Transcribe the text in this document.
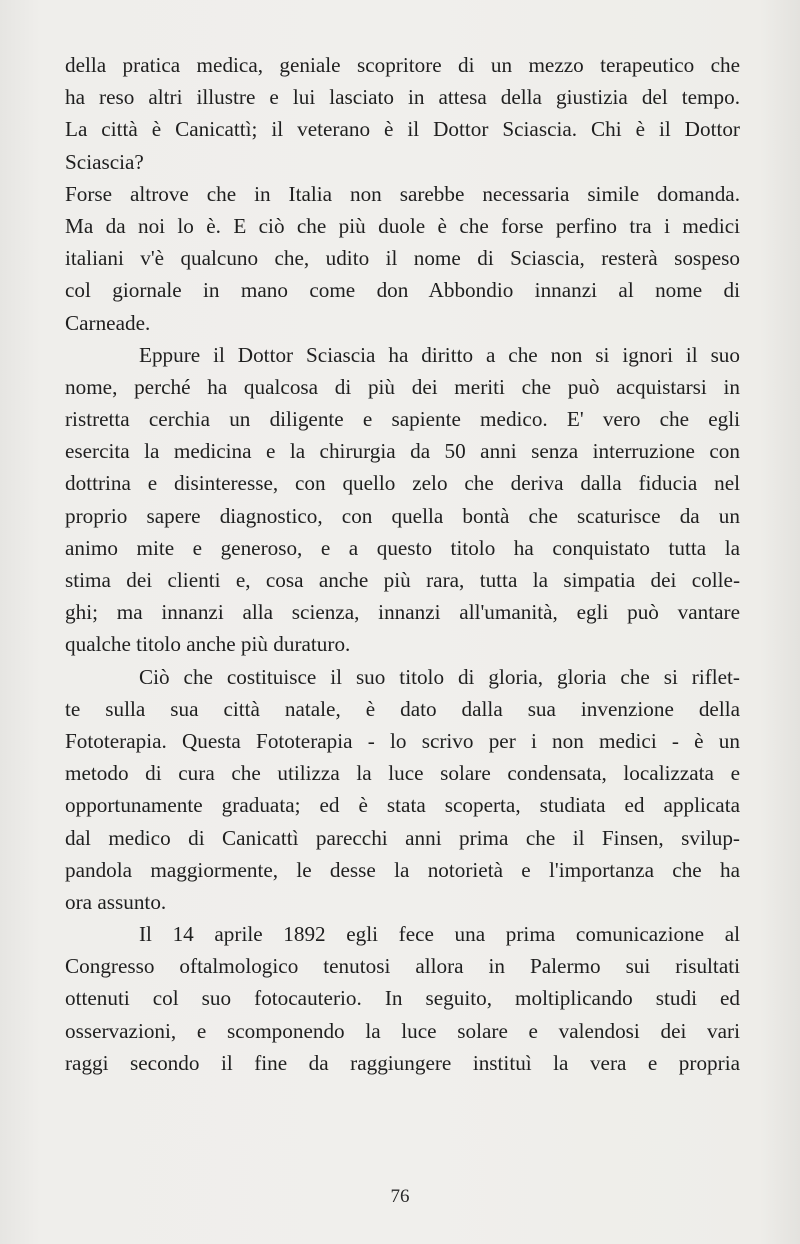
della pratica medica, geniale scopritore di un mezzo terapeutico che
ha reso altri illustre e lui lasciato in attesa della giustizia del tempo.
La città è Canicattì; il veterano è il Dottor Sciascia. Chi è il Dottor
Sciascia?
Forse altrove che in Italia non sarebbe necessaria simile domanda.
Ma da noi lo è. E ciò che più duole è che forse perfino tra i medici
italiani v'è qualcuno che, udito il nome di Sciascia, resterà sospeso
col giornale in mano come don Abbondio innanzi al nome di
Carneade.
Eppure il Dottor Sciascia ha diritto a che non si ignori il suo
nome, perché ha qualcosa di più dei meriti che può acquistarsi in
ristretta cerchia un diligente e sapiente medico. E' vero che egli
esercita la medicina e la chirurgia da 50 anni senza interruzione con
dottrina e disinteresse, con quello zelo che deriva dalla fiducia nel
proprio sapere diagnostico, con quella bontà che scaturisce da un
animo mite e generoso, e a questo titolo ha conquistato tutta la
stima dei clienti e, cosa anche più rara, tutta la simpatia dei colle-
ghi; ma innanzi alla scienza, innanzi all'umanità, egli può vantare
qualche titolo anche più duraturo.
Ciò che costituisce il suo titolo di gloria, gloria che si riflet-
te sulla sua città natale, è dato dalla sua invenzione della
Fototerapia. Questa Fototerapia - lo scrivo per i non medici - è un
metodo di cura che utilizza la luce solare condensata, localizzata e
opportunamente graduata; ed è stata scoperta, studiata ed applicata
dal medico di Canicattì parecchi anni prima che il Finsen, svilup-
pandola maggiormente, le desse la notorietà e l'importanza che ha
ora assunto.
Il 14 aprile 1892 egli fece una prima comunicazione al
Congresso oftalmologico tenutosi allora in Palermo sui risultati
ottenuti col suo fotocauterio. In seguito, moltiplicando studi ed
osservazioni, e scomponendo la luce solare e valendosi dei vari
raggi secondo il fine da raggiungere instituì la vera e propria
76
